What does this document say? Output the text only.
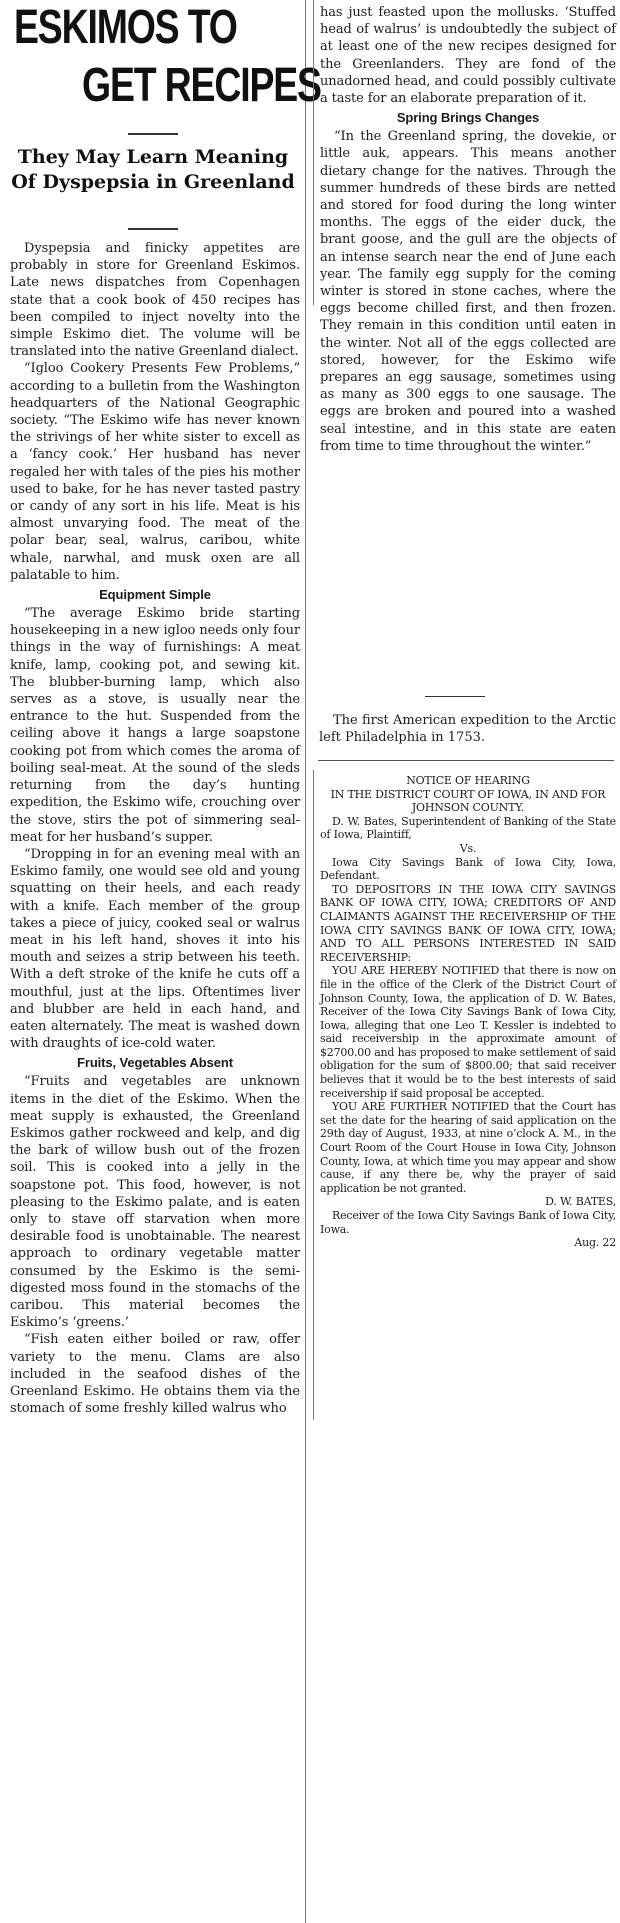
ESKIMOS TO
GET RECIPES
They May Learn Meaning Of Dyspepsia in Greenland

Dyspepsia and finicky appetites are probably in store for Greenland Eskimos. Late news dispatches from Copenhagen state that a cook book of 450 recipes has been compiled to inject novelty into the simple Eskimo diet. The volume will be translated into the native Greenland dialect.

“Igloo Cookery Presents Few Problems,” according to a bulletin from the Washington headquarters of the National Geographic society. “The Eskimo wife has never known the strivings of her white sister to excell as a ‘fancy cook.’ Her husband has never regaled her with tales of the pies his mother used to bake, for he has never tasted pastry or candy of any sort in his life. Meat is his almost unvarying food. The meat of the polar bear, seal, walrus, caribou, white whale, narwhal, and musk oxen are all palatable to him.

Equipment Simple

“The average Eskimo bride starting housekeeping in a new igloo needs only four things in the way of furnishings: A meat knife, lamp, cooking pot, and sewing kit. The blubber-burning lamp, which also serves as a stove, is usually near the entrance to the hut. Suspended from the ceiling above it hangs a large soapstone cooking pot from which comes the aroma of boiling seal-meat. At the sound of the sleds returning from the day’s hunting expedition, the Eskimo wife, crouching over the stove, stirs the pot of simmering seal-meat for her husband’s supper.

“Dropping in for an evening meal with an Eskimo family, one would see old and young squatting on their heels, and each ready with a knife. Each member of the group takes a piece of juicy, cooked seal or walrus meat in his left hand, shoves it into his mouth and seizes a strip between his teeth. With a deft stroke of the knife he cuts off a mouthful, just at the lips. Oftentimes liver and blubber are held in each hand, and eaten alternately. The meat is washed down with draughts of ice-cold water.

Fruits, Vegetables Absent

“Fruits and vegetables are unknown items in the diet of the Eskimo. When the meat supply is exhausted, the Greenland Eskimos gather rockweed and kelp, and dig the bark of willow bush out of the frozen soil. This is cooked into a jelly in the soapstone pot. This food, however, is not pleasing to the Eskimo palate, and is eaten only to stave off starvation when more desirable food is unobtainable. The nearest approach to ordinary vegetable matter consumed by the Eskimo is the semi-digested moss found in the stomachs of the caribou. This material becomes the Eskimo’s ‘greens.’

“Fish eaten either boiled or raw, offer variety to the menu. Clams are also included in the seafood dishes of the Greenland Eskimo. He obtains them via the stomach of some freshly killed walrus who

has just feasted upon the mollusks. ‘Stuffed head of walrus’ is undoubtedly the subject of at least one of the new recipes designed for the Greenlanders. They are fond of the unadorned head, and could possibly cultivate a taste for an elaborate preparation of it.

Spring Brings Changes

“In the Greenland spring, the dovekie, or little auk, appears. This means another dietary change for the natives. Through the summer hundreds of these birds are netted and stored for food during the long winter months. The eggs of the eider duck, the brant goose, and the gull are the objects of an intense search near the end of June each year. The family egg supply for the coming winter is stored in stone caches, where the eggs become chilled first, and then frozen. They remain in this condition until eaten in the winter. Not all of the eggs collected are stored, however, for the Eskimo wife prepares an egg sausage, sometimes using as many as 300 eggs to one sausage. The eggs are broken and poured into a washed seal intestine, and in this state are eaten from time to time throughout the winter.”

The first American expedition to the Arctic left Philadelphia in 1753.

NOTICE OF HEARING

IN THE DISTRICT COURT OF IOWA, IN AND FOR JOHNSON COUNTY.

D. W. Bates, Superintendent of Banking of the State of Iowa, Plaintiff,

Vs.

Iowa City Savings Bank of Iowa City, Iowa, Defendant.

TO DEPOSITORS IN THE IOWA CITY SAVINGS BANK OF IOWA CITY, IOWA; CREDITORS OF AND CLAIMANTS AGAINST THE RECEIVERSHIP OF THE IOWA CITY SAVINGS BANK OF IOWA CITY, IOWA; AND TO ALL PERSONS INTERESTED IN SAID RECEIVERSHIP:

YOU ARE HEREBY NOTIFIED that there is now on file in the office of the Clerk of the District Court of Johnson County, Iowa, the application of D. W. Bates, Receiver of the Iowa City Savings Bank of Iowa City, Iowa, alleging that one Leo T. Kessler is indebted to said receivership in the approximate amount of $2700.00 and has proposed to make settlement of said obligation for the sum of $800.00; that said receiver believes that it would be to the best interests of said receivership if said proposal be accepted.

YOU ARE FURTHER NOTIFIED that the Court has set the date for the hearing of said application on the 29th day of August, 1933, at nine o’clock A. M., in the Court Room of the Court House in Iowa City, Johnson County, Iowa, at which time you may appear and show cause, if any there be, why the prayer of said application be not granted.

D. W. BATES,

Receiver of the Iowa City Savings Bank of Iowa City, Iowa.

Aug. 22
